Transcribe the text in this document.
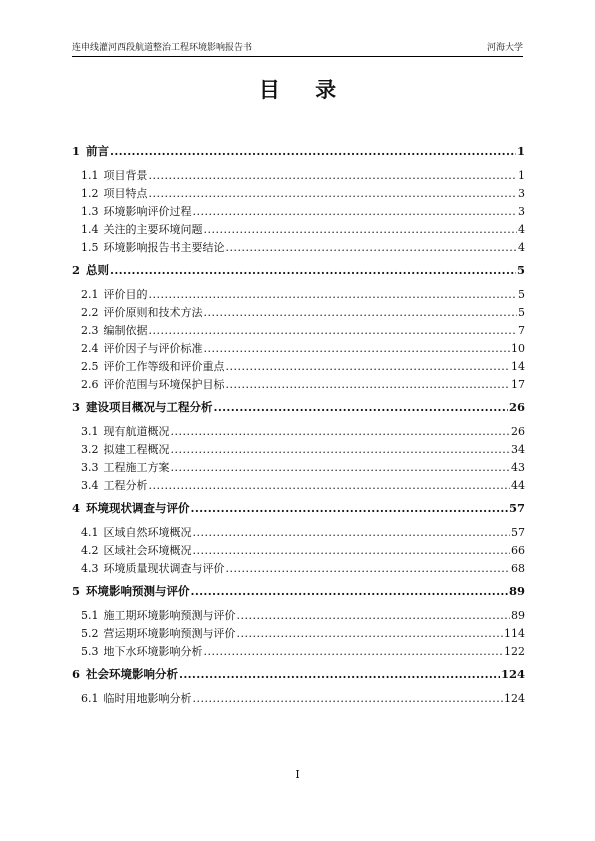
连申线灌河西段航道整治工程环境影响报告书	河海大学
目 录
1 前言 .....	1
1.1 项目背景 .....	1
1.2 项目特点 .....	3
1.3 环境影响评价过程 .....	3
1.4 关注的主要环境问题 .....	4
1.5 环境影响报告书主要结论 .....	4
2 总则 .....	5
2.1 评价目的 .....	5
2.2 评价原则和技术方法 .....	5
2.3 编制依据 .....	7
2.4 评价因子与评价标准 .....	10
2.5 评价工作等级和评价重点 .....	14
2.6 评价范围与环境保护目标 .....	17
3 建设项目概况与工程分析 .....	26
3.1 现有航道概况 .....	26
3.2 拟建工程概况 .....	34
3.3 工程施工方案 .....	43
3.4 工程分析 .....	44
4 环境现状调查与评价 .....	57
4.1 区域自然环境概况 .....	57
4.2 区域社会环境概况 .....	66
4.3 环境质量现状调查与评价 .....	68
5 环境影响预测与评价 .....	89
5.1 施工期环境影响预测与评价 .....	89
5.2 营运期环境影响预测与评价 .....	114
5.3 地下水环境影响分析 .....	122
6 社会环境影响分析 .....	124
6.1 临时用地影响分析 .....	124
I
